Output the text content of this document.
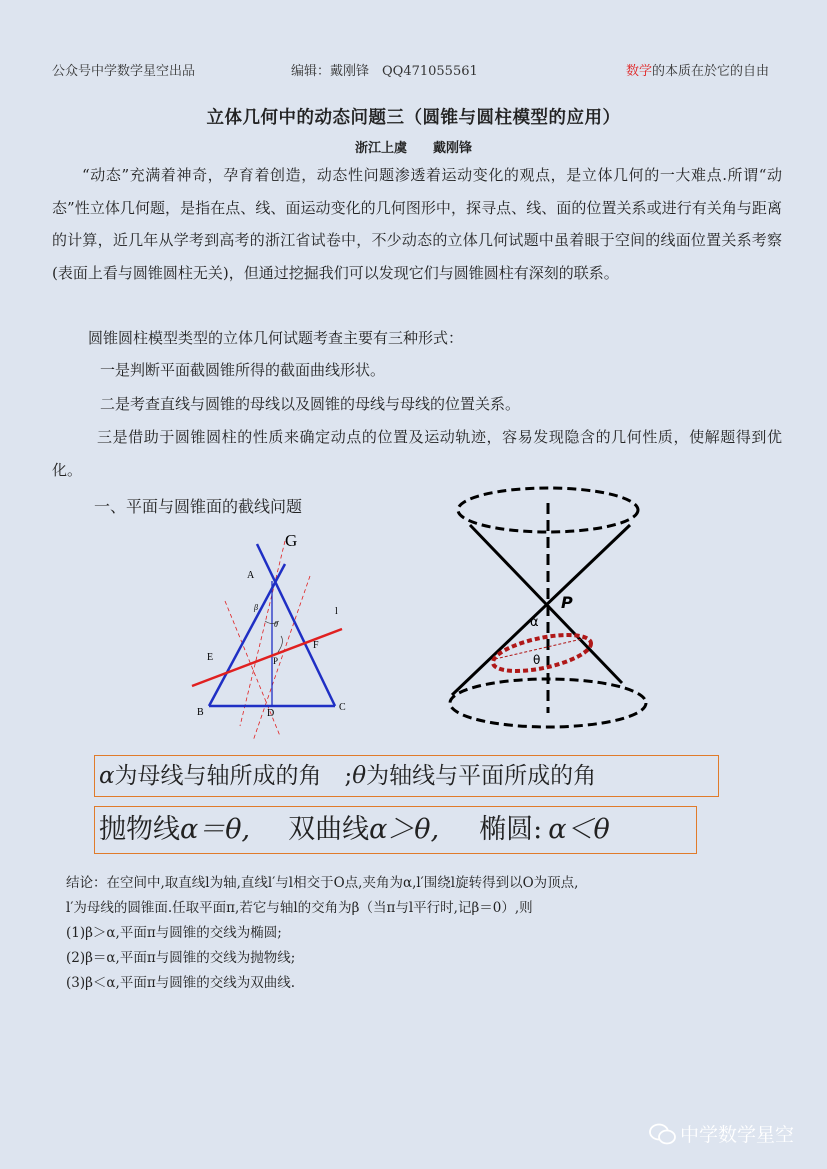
公众号中学数学星空出品	编辑：戴刚锋　QQ471055561	数学的本质在於它的自由
立体几何中的动态问题三（圆锥与圆柱模型的应用）
浙江上虞　　戴刚锋
“动态”充满着神奇，孕育着创造，动态性问题渗透着运动变化的观点，是立体几何的一大难点.所谓“动态”性立体几何题，是指在点、线、面运动变化的几何图形中，探寻点、线、面的位置关系或进行有关角与距离的计算，近几年从学考到高考的浙江省试卷中，不少动态的立体几何试题中虽着眼于空间的线面位置关系考察(表面上看与圆锥圆柱无关)，但通过挖掘我们可以发现它们与圆锥圆柱有深刻的联系。
圆锥圆柱模型类型的立体几何试题考查主要有三种形式：
一是判断平面截圆锥所得的截面曲线形状。
二是考查直线与圆锥的母线以及圆锥的母线与母线的位置关系。
三是借助于圆锥圆柱的性质来确定动点的位置及运动轨迹，容易发现隐含的几何性质，使解题得到优化。
一、平面与圆锥面的截线问题
G
A
B	C
D
E
F
P
l
θ
β	P
α
θ
α为母线与轴所成的角　;θ为轴线与平面所成的角
抛物线α＝θ, 双曲线α＞θ, 椭圆: α＜θ
结论：在空间中,取直线l为轴,直线l′与l相交于O点,夹角为α,l′围绕l旋转得到以O为顶点,
l′为母线的圆锥面.任取平面π,若它与轴l的交角为β（当π与l平行时,记β＝0）,则
(1)β＞α,平面π与圆锥的交线为椭圆;
(2)β＝α,平面π与圆锥的交线为抛物线;
(3)β＜α,平面π与圆锥的交线为双曲线.
中学数学星空
